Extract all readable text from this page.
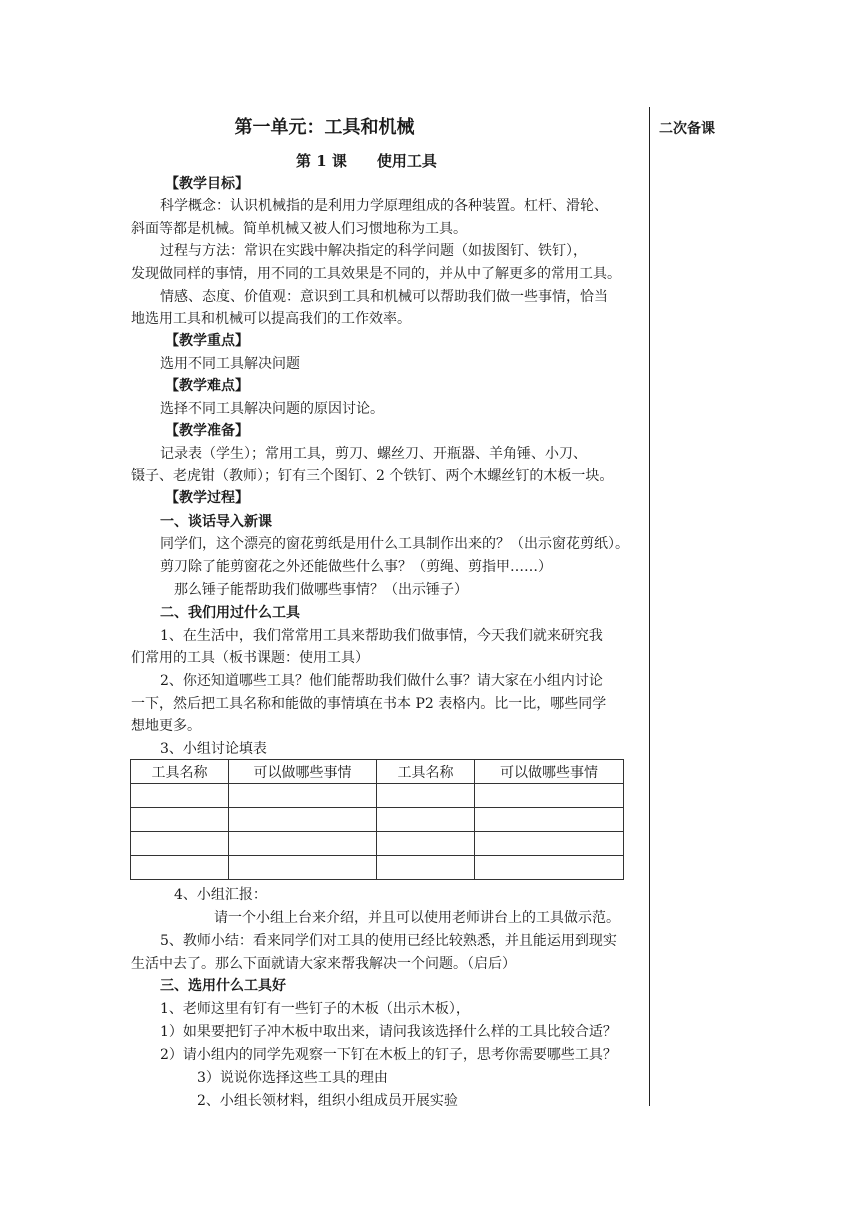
二次备课
第一单元：工具和机械
第 1 课　　使用工具
【教学目标】
科学概念：认识机械指的是利用力学原理组成的各种装置。杠杆、滑轮、
斜面等都是机械。简单机械又被人们习惯地称为工具。
过程与方法：常识在实践中解决指定的科学问题（如拔图钉、铁钉），
发现做同样的事情，用不同的工具效果是不同的，并从中了解更多的常用工具。
情感、态度、价值观：意识到工具和机械可以帮助我们做一些事情，恰当
地选用工具和机械可以提高我们的工作效率。
【教学重点】
选用不同工具解决问题
【教学难点】
选择不同工具解决问题的原因讨论。
【教学准备】
记录表（学生）；常用工具，剪刀、螺丝刀、开瓶器、羊角锤、小刀、
镊子、老虎钳（教师）；钉有三个图钉、2 个铁钉、两个木螺丝钉的木板一块。
【教学过程】
一、谈话导入新课
同学们，这个漂亮的窗花剪纸是用什么工具制作出来的？（出示窗花剪纸）。
剪刀除了能剪窗花之外还能做些什么事？（剪绳、剪指甲……）
那么锤子能帮助我们做哪些事情？（出示锤子）
二、我们用过什么工具
1、在生活中，我们常常用工具来帮助我们做事情，今天我们就来研究我
们常用的工具（板书课题：使用工具）
2、你还知道哪些工具？他们能帮助我们做什么事？请大家在小组内讨论
一下，然后把工具名称和能做的事情填在书本 P2 表格内。比一比，哪些同学
想地更多。
3、小组讨论填表
4、小组汇报：
请一个小组上台来介绍，并且可以使用老师讲台上的工具做示范。
5、教师小结：看来同学们对工具的使用已经比较熟悉，并且能运用到现实
生活中去了。那么下面就请大家来帮我解决一个问题。（启后）
三、选用什么工具好
1、老师这里有钉有一些钉子的木板（出示木板），
1）如果要把钉子冲木板中取出来，请问我该选择什么样的工具比较合适？
2）请小组内的同学先观察一下钉在木板上的钉子，思考你需要哪些工具？
3）说说你选择这些工具的理由
2、小组长领材料，组织小组成员开展实验
工具名称	可以做哪些事情	工具名称	可以做哪些事情
